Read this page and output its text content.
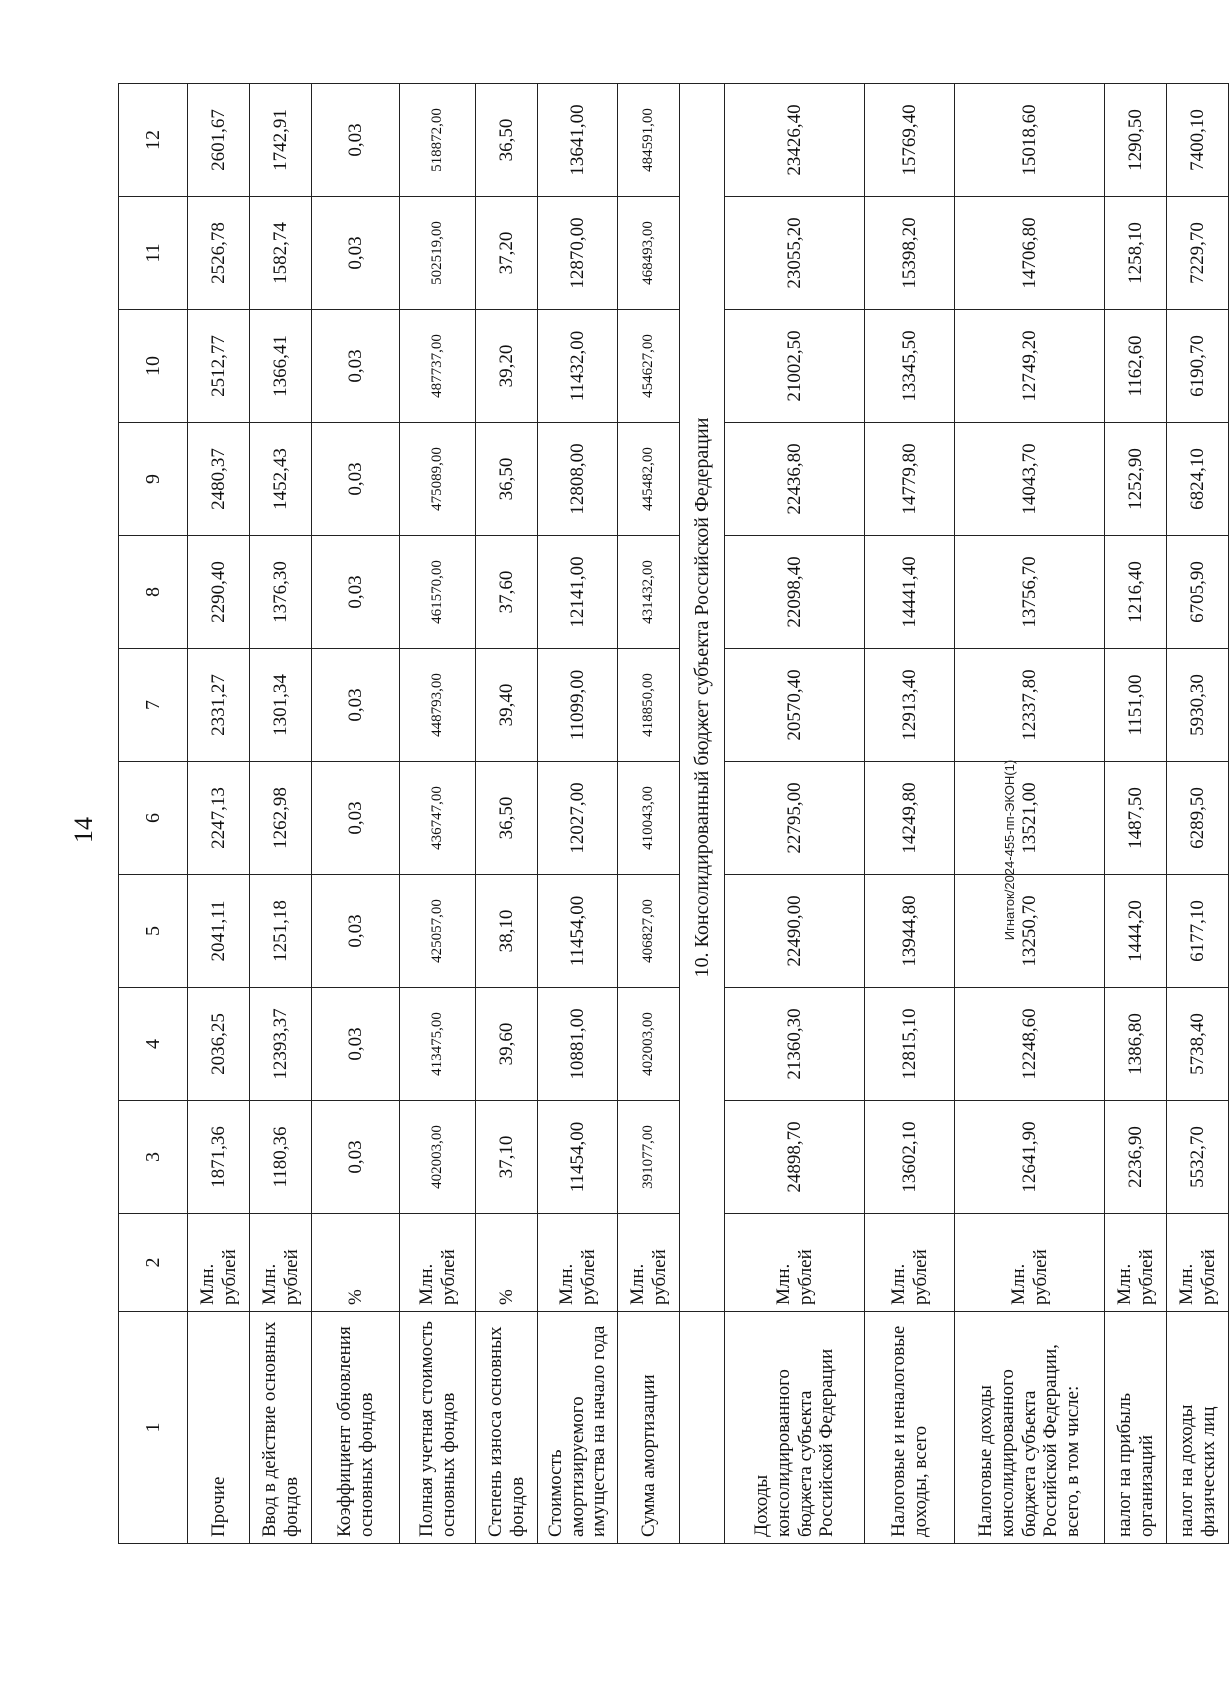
14	Игнаток/2024-455-пп-ЭКОН(1)
1	2	3	4	5	6	7	8	9	10	11	12
Прочие	Млн. рублей	1871,36	2036,25	2041,11	2247,13	2331,27	2290,40	2480,37	2512,77	2526,78	2601,67
Ввод в действие основных фондов	Млн. рублей	1180,36	12393,37	1251,18	1262,98	1301,34	1376,30	1452,43	1366,41	1582,74	1742,91
Коэффициент обновления основных фондов	%	0,03	0,03	0,03	0,03	0,03	0,03	0,03	0,03	0,03	0,03
Полная учетная стоимость основных фондов	Млн. рублей	402003,00	413475,00	425057,00	436747,00	448793,00	461570,00	475089,00	487737,00	502519,00	518872,00
Степень износа основных фондов	%	37,10	39,60	38,10	36,50	39,40	37,60	36,50	39,20	37,20	36,50
Стоимость амортизируемого имущества на начало года	Млн. рублей	11454,00	10881,00	11454,00	12027,00	11099,00	12141,00	12808,00	11432,00	12870,00	13641,00
Сумма амортизации	Млн. рублей	391077,00	402003,00	406827,00	410043,00	418850,00	431432,00	445482,00	454627,00	468493,00	484591,00
	10. Консолидированный бюджет субъекта Российской Федерации										
Доходы консолидированного бюджета субъекта Российской Федерации	Млн. рублей	24898,70	21360,30	22490,00	22795,00	20570,40	22098,40	22436,80	21002,50	23055,20	23426,40
Налоговые и неналоговые доходы, всего	Млн. рублей	13602,10	12815,10	13944,80	14249,80	12913,40	14441,40	14779,80	13345,50	15398,20	15769,40
Налоговые доходы консолидированного бюджета субъекта Российской Федерации, всего, в том числе:	Млн. рублей	12641,90	12248,60	13250,70	13521,00	12337,80	13756,70	14043,70	12749,20	14706,80	15018,60
налог на прибыль организаций	Млн. рублей	2236,90	1386,80	1444,20	1487,50	1151,00	1216,40	1252,90	1162,60	1258,10	1290,50
налог на доходы физических лиц	Млн. рублей	5532,70	5738,40	6177,10	6289,50	5930,30	6705,90	6824,10	6190,70	7229,70	7400,10
